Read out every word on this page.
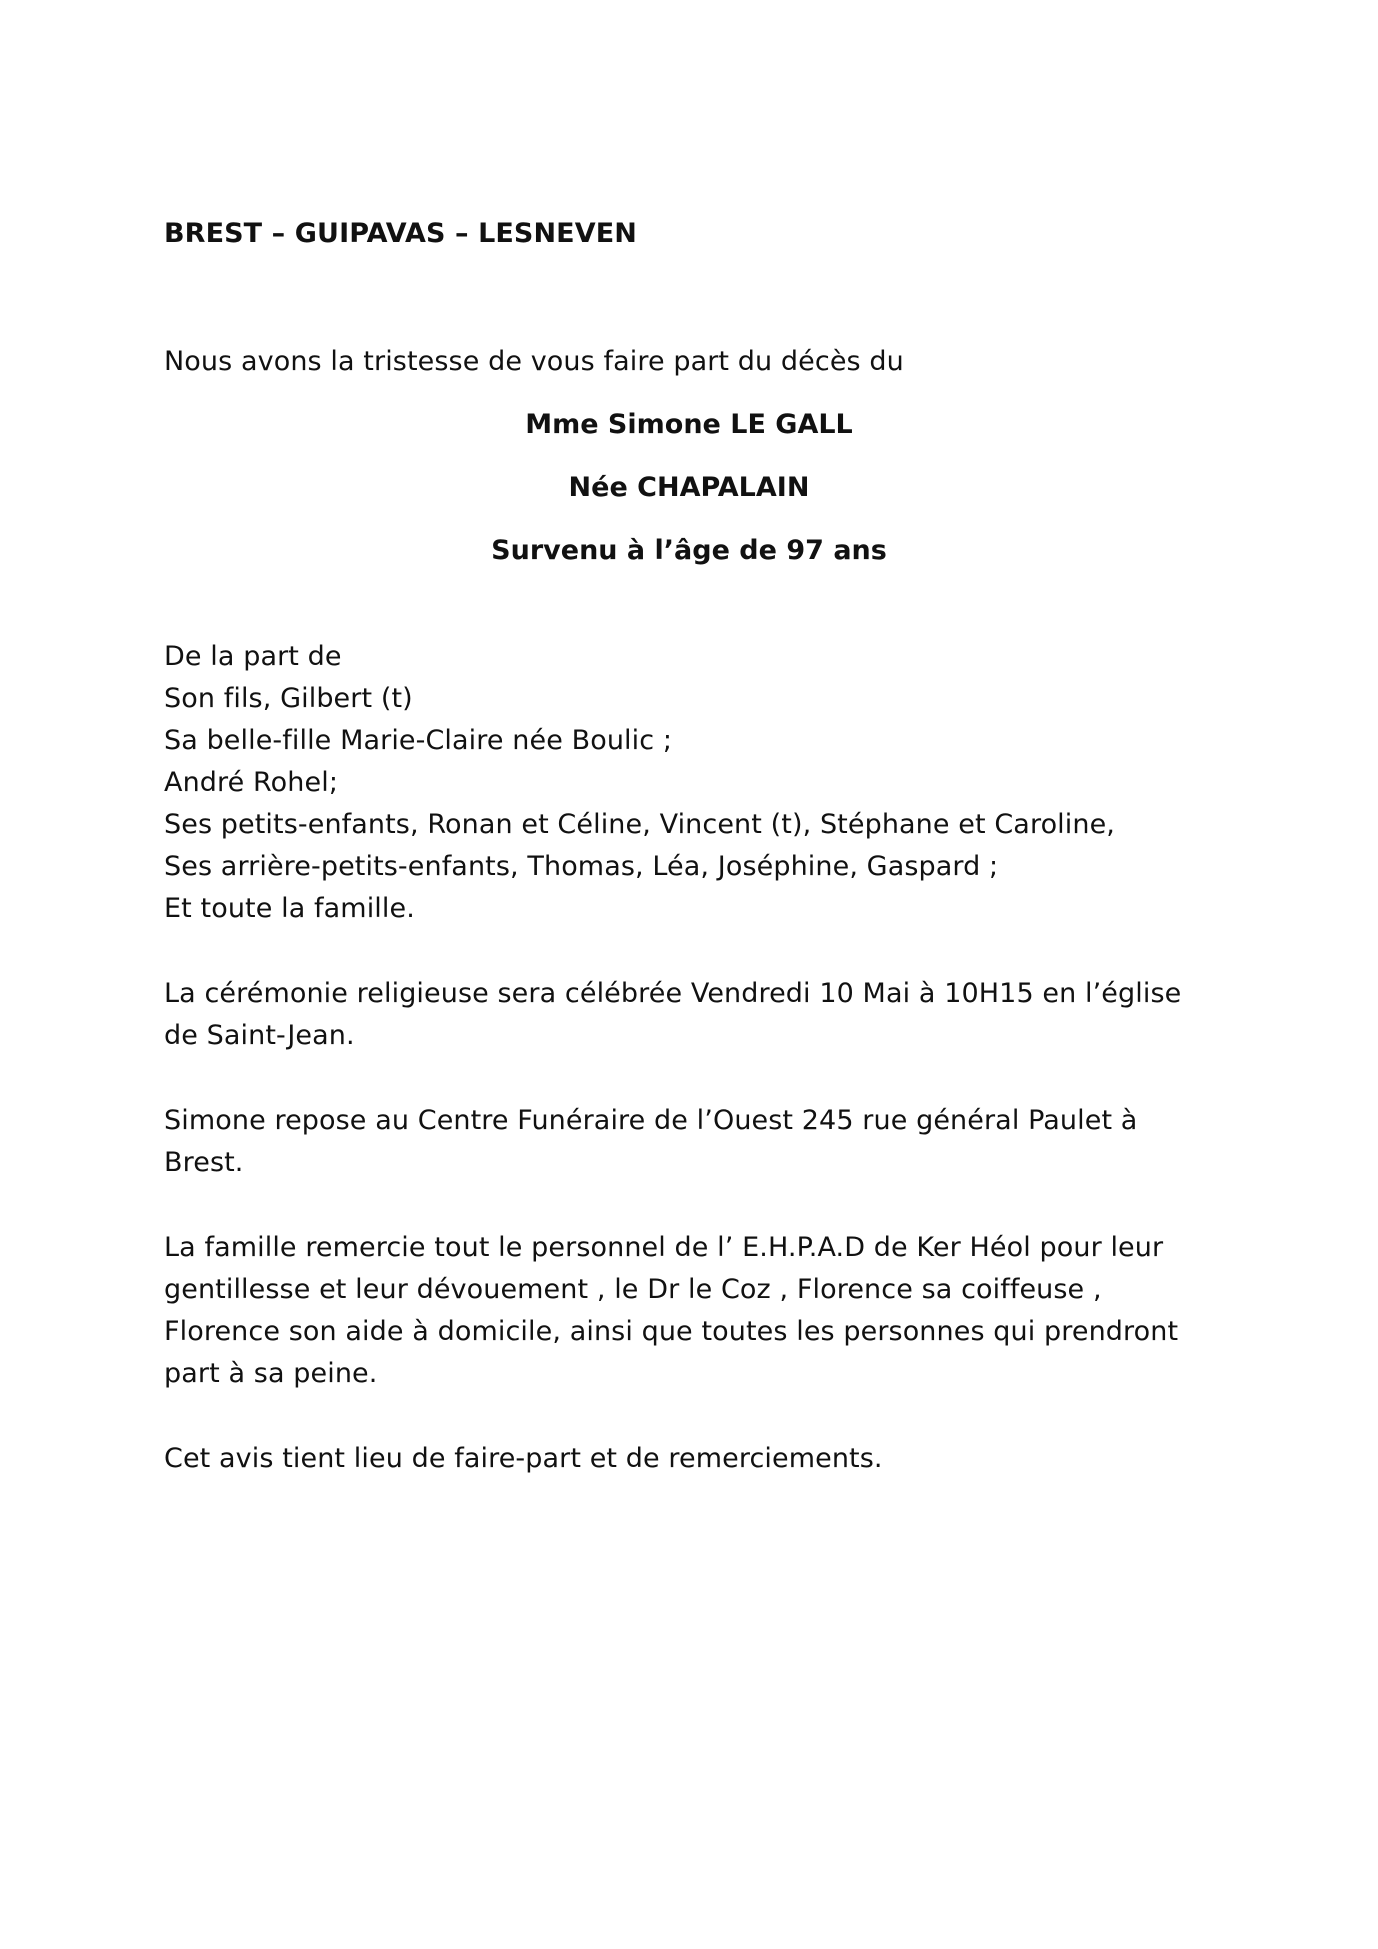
BREST – GUIPAVAS – LESNEVEN
Nous avons la tristesse de vous faire part du décès du
Mme Simone LE GALL
Née CHAPALAIN
Survenu à l’âge de 97 ans
De la part de
Son fils, Gilbert (t)
Sa belle-fille Marie-Claire née Boulic ;
André Rohel;
Ses petits-enfants, Ronan et Céline, Vincent (t), Stéphane et Caroline,
Ses arrière-petits-enfants, Thomas, Léa, Joséphine, Gaspard ;
Et toute la famille.
La cérémonie religieuse sera célébrée Vendredi 10 Mai à 10H15 en l’église
de Saint-Jean.
Simone repose au Centre Funéraire de l’Ouest 245 rue général Paulet à
Brest.
La famille remercie tout le personnel de l’ E.H.P.A.D de Ker Héol pour leur
gentillesse et leur dévouement , le Dr le Coz , Florence sa coiffeuse ,
Florence son aide à domicile, ainsi que toutes les personnes qui prendront
part à sa peine.
Cet avis tient lieu de faire-part et de remerciements.
